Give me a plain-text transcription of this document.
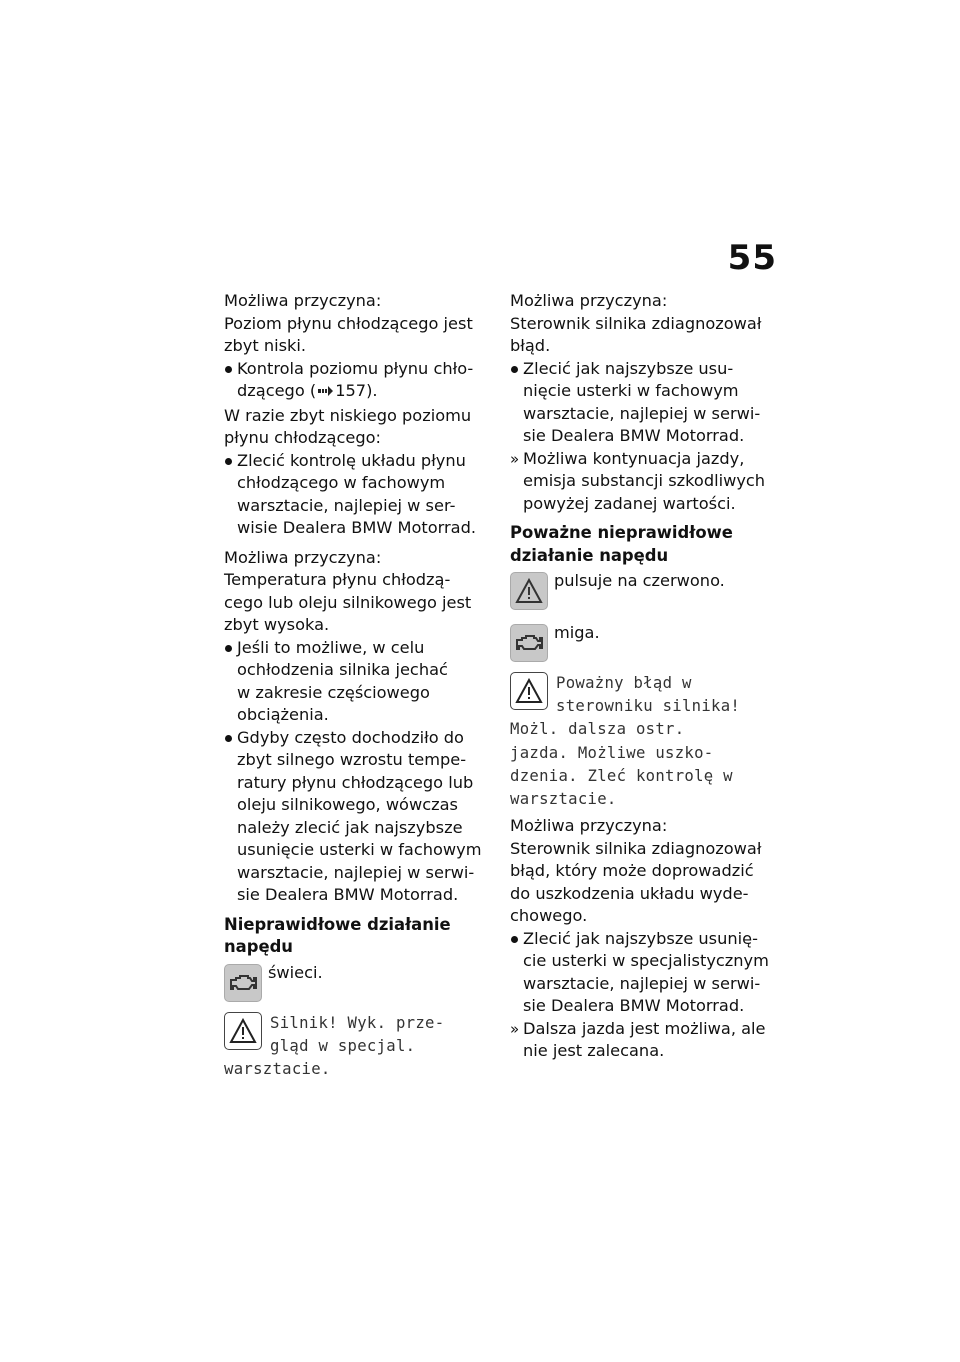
55

Możliwa przyczyna:

Poziom płynu chłodzącego jest

zbyt niski.

Kontrola poziomu płynu chło-
dzącego ( 157).

W razie zbyt niskiego poziomu

płynu chłodzącego:

Zlecić kontrolę układu płynu
chłodzącego w fachowym
warsztacie, najlepiej w ser-
wisie Dealera BMW Motorrad.

Możliwa przyczyna:

Temperatura płynu chłodzą-

cego lub oleju silnikowego jest

zbyt wysoka.

Jeśli to możliwe, w celu
ochłodzenia silnika jechać
w zakresie częściowego
obciążenia.
Gdyby często dochodziło do
zbyt silnego wzrostu tempe-
ratury płynu chłodzącego lub
oleju silnikowego, wówczas
należy zlecić jak najszybsze
usunięcie usterki w fachowym
warsztacie, najlepiej w serwi-
sie Dealera BMW Motorrad.

Nieprawidłowe działanie
napędu

świeci.
Silnik! Wyk. prze-
gląd w specjal.
warsztacie.

Możliwa przyczyna:

Sterownik silnika zdiagnozował

błąd.

Zlecić jak najszybsze usu-
nięcie usterki w fachowym
warsztacie, najlepiej w serwi-
sie Dealera BMW Motorrad.
» Możliwa kontynuacja jazdy,
emisja substancji szkodliwych
powyżej zadanej wartości.

Poważne nieprawidłowe
działanie napędu

pulsuje na czerwono.
miga.
Poważny błąd w
sterowniku silnika!
Możl. dalsza ostr.
jazda. Możliwe uszko-
dzenia. Zleć kontrolę w
warsztacie.

Możliwa przyczyna:

Sterownik silnika zdiagnozował

błąd, który może doprowadzić

do uszkodzenia układu wyde-

chowego.

Zlecić jak najszybsze usunię-
cie usterki w specjalistycznym
warsztacie, najlepiej w serwi-
sie Dealera BMW Motorrad.
» Dalsza jazda jest możliwa, ale
nie jest zalecana.
